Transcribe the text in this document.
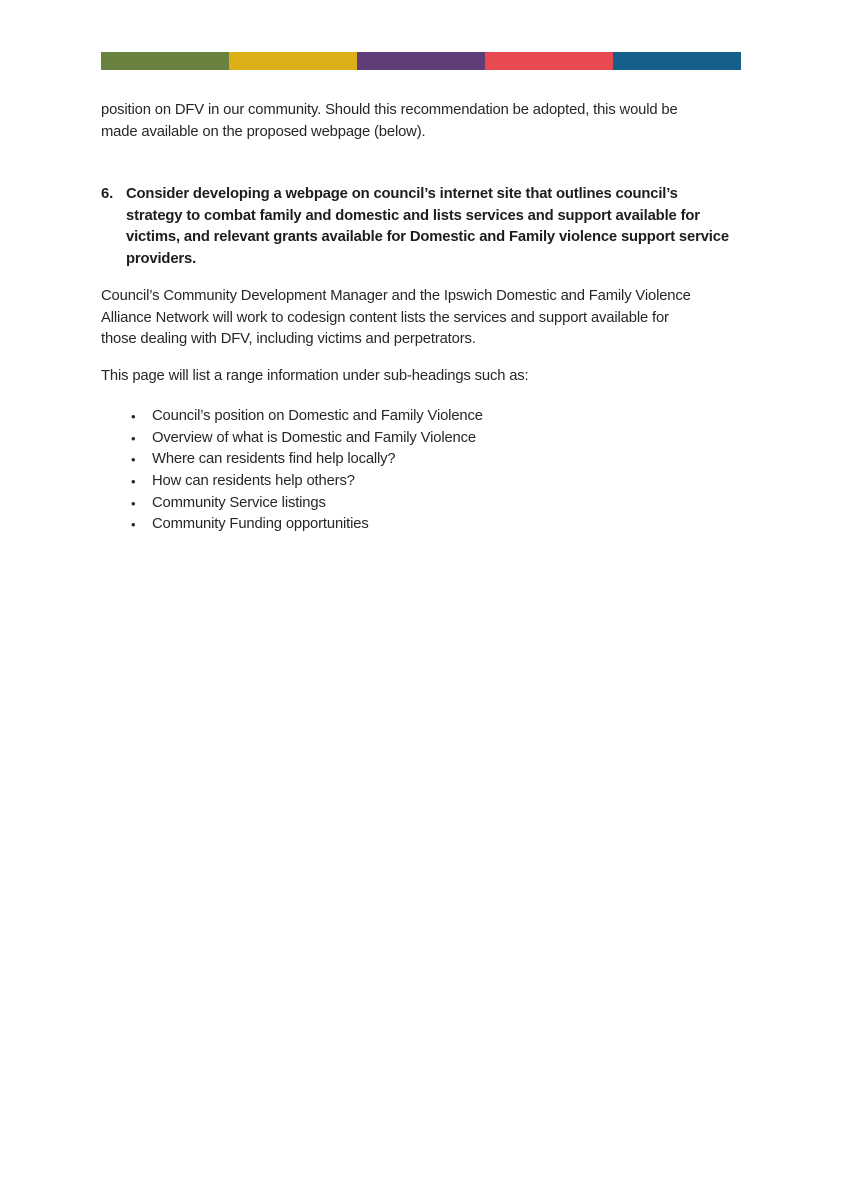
position on DFV in our community. Should this recommendation be adopted, this would be
made available on the proposed webpage (below).
6. Consider developing a webpage on council’s internet site that outlines council’s
strategy to combat family and domestic and lists services and support available for
victims, and relevant grants available for Domestic and Family violence support service
providers.
Council’s Community Development Manager and the Ipswich Domestic and Family Violence
Alliance Network will work to codesign content lists the services and support available for
those dealing with DFV, including victims and perpetrators.
This page will list a range information under sub-headings such as:
• Council’s position on Domestic and Family Violence
• Overview of what is Domestic and Family Violence
• Where can residents find help locally?
• How can residents help others?
• Community Service listings
• Community Funding opportunities
